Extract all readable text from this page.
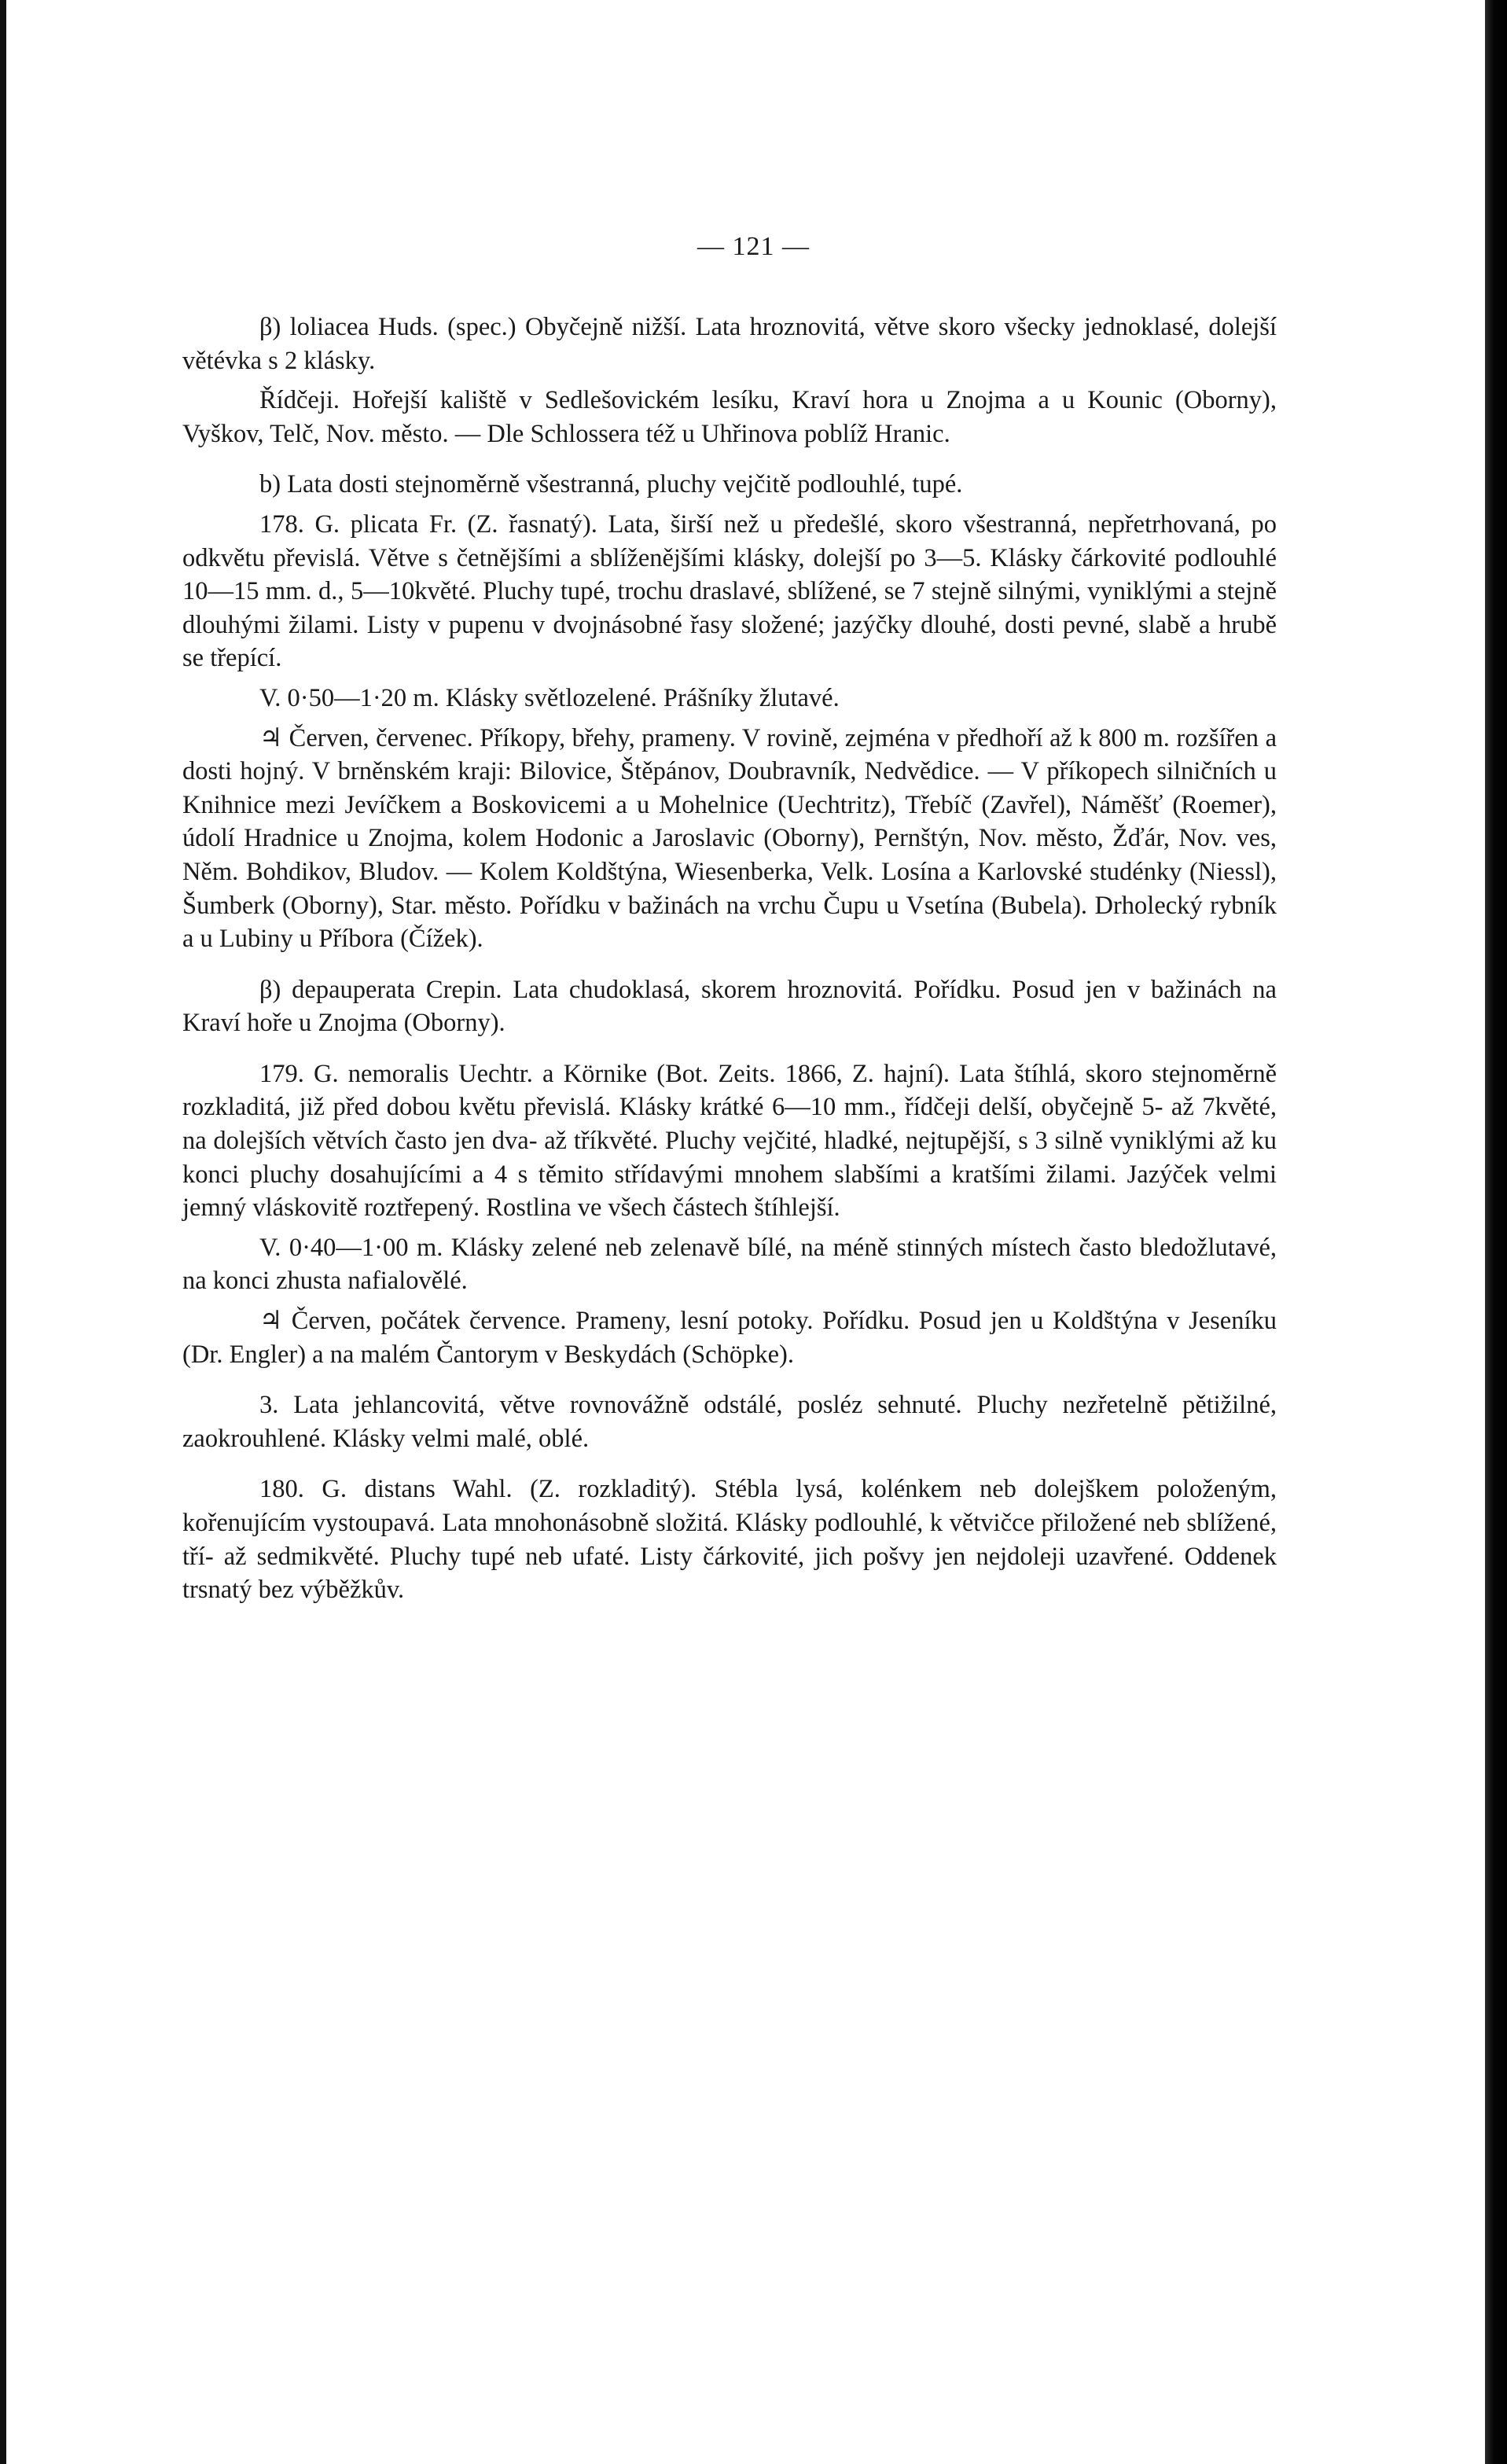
— 121 —

β) loliacea Huds. (spec.) Obyčejně nižší. Lata hroznovitá, větve skoro všecky jednoklasé, dolejší větévka s 2 klásky.

Řídčeji. Hořejší kaliště v Sedlešovickém lesíku, Kraví hora u Znojma a u Kounic (Oborny), Vyškov, Telč, Nov. město. — Dle Schlossera též u Uhřinova poblíž Hranic.

b) Lata dosti stejnoměrně všestranná, pluchy vejčitě podlouhlé, tupé.

178. G. plicata Fr. (Z. řasnatý). Lata, širší než u předešlé, skoro všestranná, nepřetrhovaná, po odkvětu převislá. Větve s četnějšími a sblíženějšími klásky, dolejší po 3—5. Klásky čárkovité podlouhlé 10—15 mm. d., 5—10květé. Pluchy tupé, trochu draslavé, sblížené, se 7 stejně silnými, vyniklými a stejně dlouhými žilami. Listy v pupenu v dvojnásobné řasy složené; jazýčky dlouhé, dosti pevné, slabě a hrubě se třepící.

V. 0·50—1·20 m. Klásky světlozelené. Prášníky žlutavé.

♃ Červen, červenec. Příkopy, břehy, prameny. V rovině, zejména v předhoří až k 800 m. rozšířen a dosti hojný. V brněnském kraji: Bilovice, Štěpánov, Doubravník, Nedvědice. — V příkopech silničních u Knihnice mezi Jevíčkem a Boskovicemi a u Mohelnice (Uechtritz), Třebíč (Zavřel), Náměšť (Roemer), údolí Hradnice u Znojma, kolem Hodonic a Jaroslavic (Oborny), Pernštýn, Nov. město, Žďár, Nov. ves, Něm. Bohdikov, Bludov. — Kolem Koldštýna, Wiesenberka, Velk. Losína a Karlovské studénky (Niessl), Šumberk (Oborny), Star. město. Pořídku v bažinách na vrchu Čupu u Vsetína (Bubela). Drholecký rybník a u Lubiny u Příbora (Čížek).

β) depauperata Crepin. Lata chudoklasá, skorem hroznovitá. Pořídku. Posud jen v bažinách na Kraví hoře u Znojma (Oborny).

179. G. nemoralis Uechtr. a Körnike (Bot. Zeits. 1866, Z. hajní). Lata štíhlá, skoro stejnoměrně rozkladitá, již před dobou květu převislá. Klásky krátké 6—10 mm., řídčeji delší, obyčejně 5- až 7květé, na dolejších větvích často jen dva- až tříkvěté. Pluchy vejčité, hladké, nejtupější, s 3 silně vyniklými až ku konci pluchy dosahujícími a 4 s těmito střídavými mnohem slabšími a kratšími žilami. Jazýček velmi jemný vláskovitě roztřepený. Rostlina ve všech částech štíhlejší.

V. 0·40—1·00 m. Klásky zelené neb zelenavě bílé, na méně stinných místech často bledožlutavé, na konci zhusta nafialovělé.

♃ Červen, počátek července. Prameny, lesní potoky. Pořídku. Posud jen u Koldštýna v Jeseníku (Dr. Engler) a na malém Čantorym v Beskydách (Schöpke).

3. Lata jehlancovitá, větve rovnovážně odstálé, posléz sehnuté. Pluchy nezřetelně pětižilné, zaokrouhlené. Klásky velmi malé, oblé.

180. G. distans Wahl. (Z. rozkladitý). Stébla lysá, kolénkem neb dolejškem položeným, kořenujícím vystoupavá. Lata mnohonásobně složitá. Klásky podlouhlé, k větvičce přiložené neb sblížené, tří- až sedmikvěté. Pluchy tupé neb ufaté. Listy čárkovité, jich pošvy jen nejdoleji uzavřené. Oddenek trsnatý bez výběžkův.
